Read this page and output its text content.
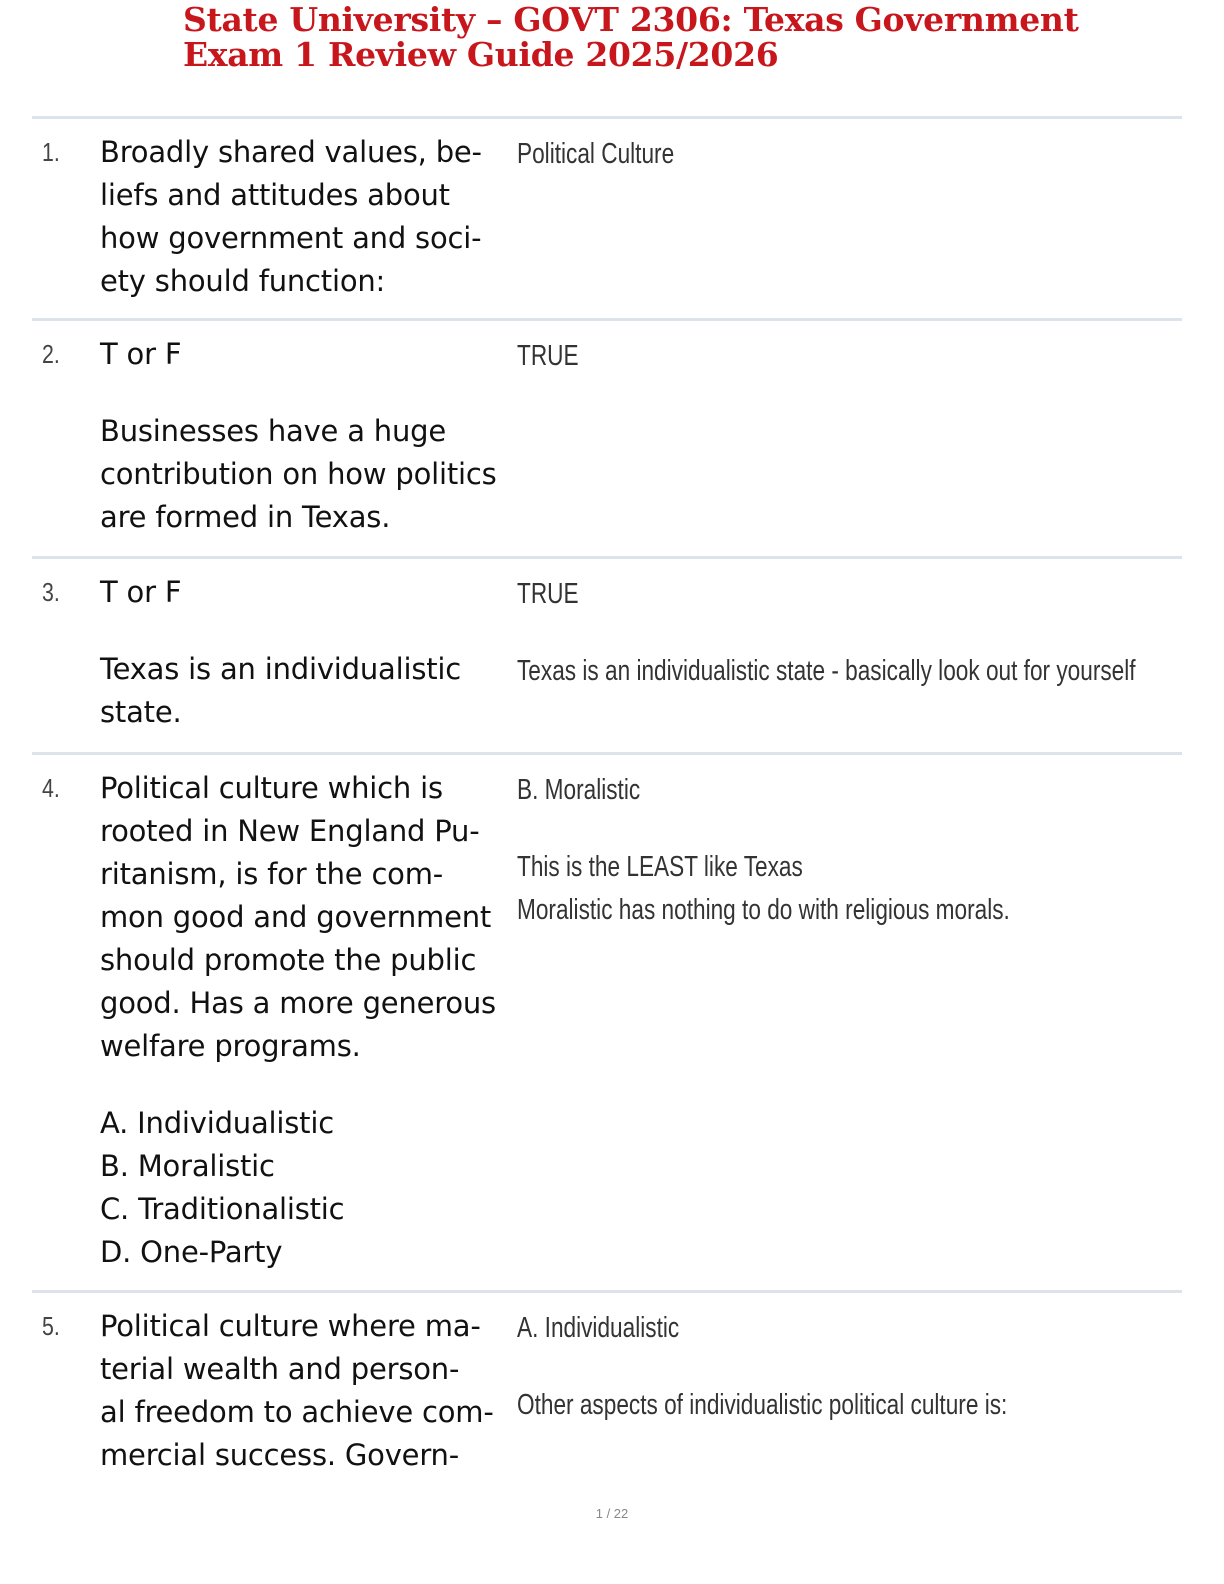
State University – GOVT 2306: Texas Government
Exam 1 Review Guide 2025/2026
1. Broadly shared values, be-
liefs and attitudes about
how government and soci-
ety should function:
Political Culture
2. T or F
Businesses have a huge
contribution on how politics
are formed in Texas.
TRUE
3. T or F
Texas is an individualistic
state.
TRUE
Texas is an individualistic state - basically look out for yourself
4. Political culture which is
rooted in New England Pu-
ritanism, is for the com-
mon good and government
should promote the public
good. Has a more generous
welfare programs.
A. Individualistic
B. Moralistic
C. Traditionalistic
D. One-Party
B. Moralistic
This is the LEAST like Texas
Moralistic has nothing to do with religious morals.
5. Political culture where ma-
terial wealth and person-
al freedom to achieve com-
mercial success. Govern-
A. Individualistic
Other aspects of individualistic political culture is:
1 / 22
